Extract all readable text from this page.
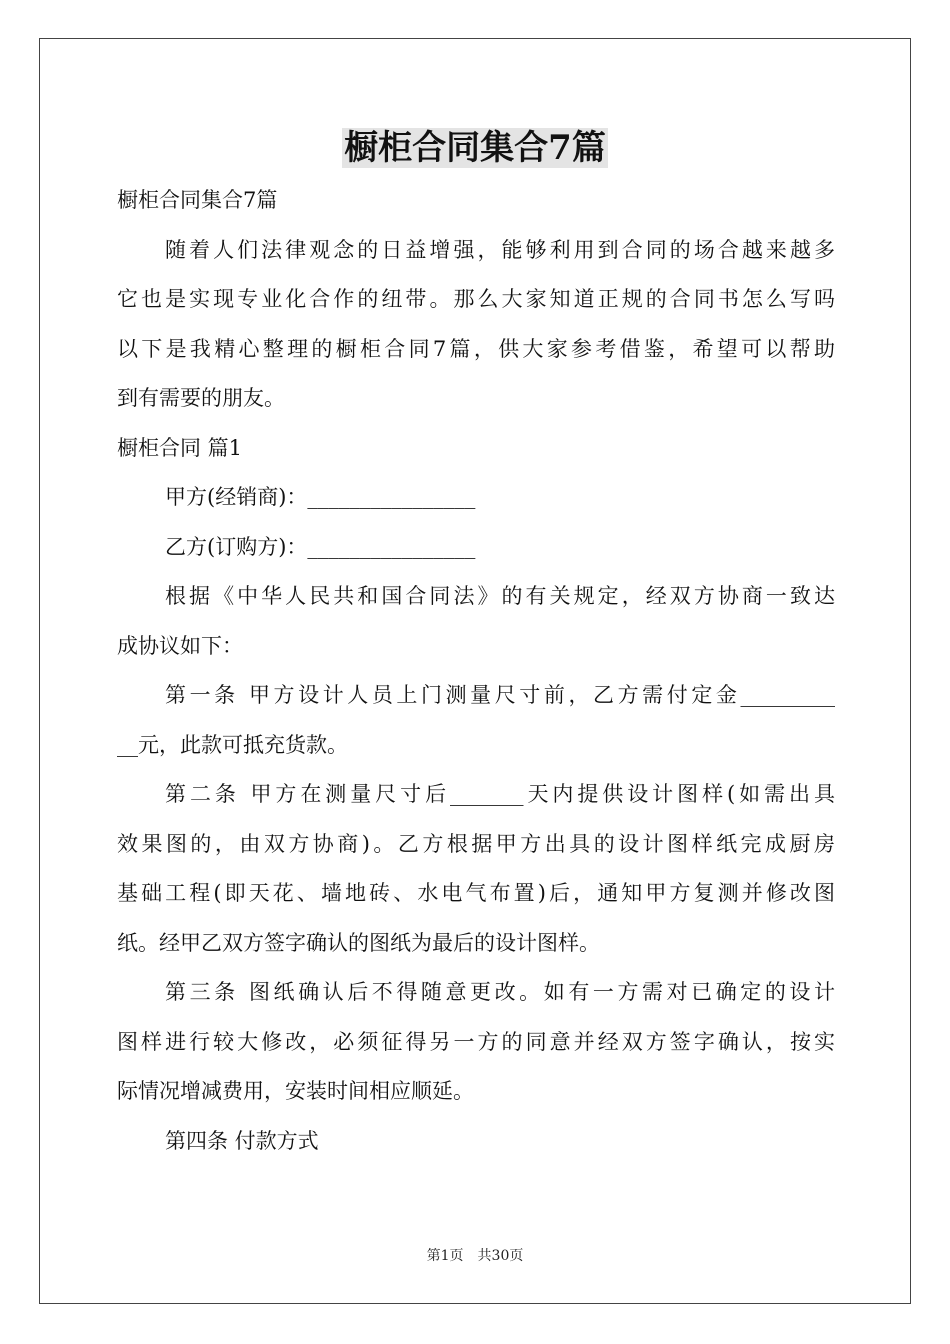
橱柜合同集合7篇
橱柜合同集合7篇
随着人们法律观念的日益增强，能够利用到合同的场合越来越多
它也是实现专业化合作的纽带。那么大家知道正规的合同书怎么写吗
以下是我精心整理的橱柜合同7篇，供大家参考借鉴，希望可以帮助
到有需要的朋友。
橱柜合同 篇1
甲方(经销商)：________________
乙方(订购方)：________________
根据《中华人民共和国合同法》的有关规定，经双方协商一致达
成协议如下：
第一条 甲方设计人员上门测量尺寸前，乙方需付定金_________
__元，此款可抵充货款。
第二条 甲方在测量尺寸后_______天内提供设计图样(如需出具
效果图的，由双方协商)。乙方根据甲方出具的设计图样纸完成厨房
基础工程(即天花、墙地砖、水电气布置)后，通知甲方复测并修改图
纸。经甲乙双方签字确认的图纸为最后的设计图样。
第三条 图纸确认后不得随意更改。如有一方需对已确定的设计
图样进行较大修改，必须征得另一方的同意并经双方签字确认，按实
际情况增减费用，安装时间相应顺延。
第四条 付款方式
第1页 共30页
